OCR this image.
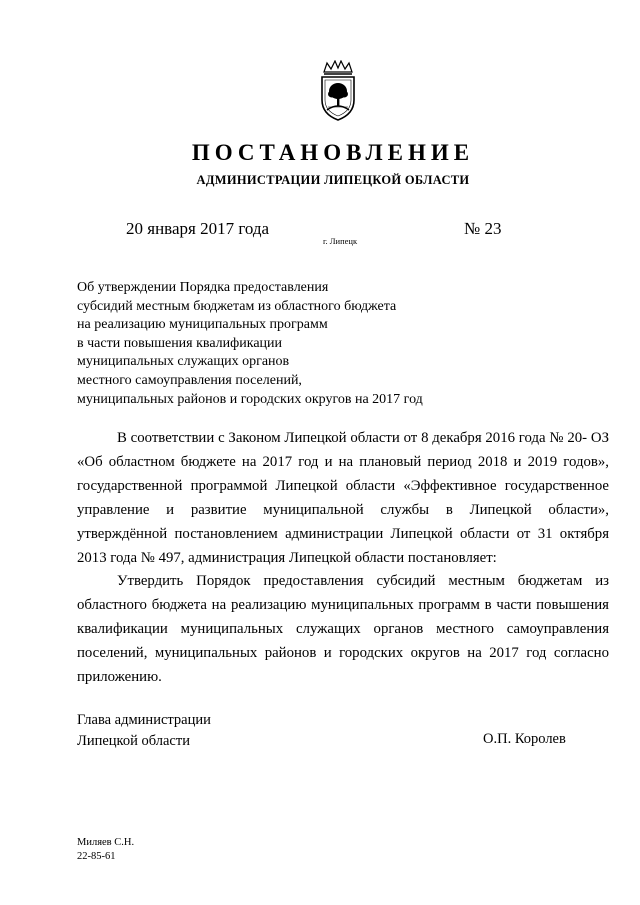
ПОСТАНОВЛЕНИЕ
АДМИНИСТРАЦИИ ЛИПЕЦКОЙ ОБЛАСТИ
20 января 2017 года
г. Липецк
№ 23
Об утверждении Порядка предоставления
субсидий местным бюджетам из областного бюджета
на реализацию муниципальных программ
в части повышения квалификации
муниципальных служащих органов
местного самоуправления поселений,
муниципальных районов и городских округов на 2017 год

В соответствии с Законом Липецкой области от 8 декабря 2016 года № 20- ОЗ «Об областном бюджете на 2017 год и на плановый период 2018 и 2019 годов», государственной программой Липецкой области «Эффективное государственное управление и развитие муниципальной службы в Липецкой области», утверждённой постановлением администрации Липецкой области от 31 октября 2013 года № 497, администрация Липецкой области постановляет:

Утвердить Порядок предоставления субсидий местным бюджетам из областного бюджета на реализацию муниципальных программ в части повышения квалификации муниципальных служащих органов местного самоуправления поселений, муниципальных районов и городских округов на 2017 год согласно приложению.

Глава администрации
Липецкой области	О.П. Королев
Миляев С.Н.
22-85-61
